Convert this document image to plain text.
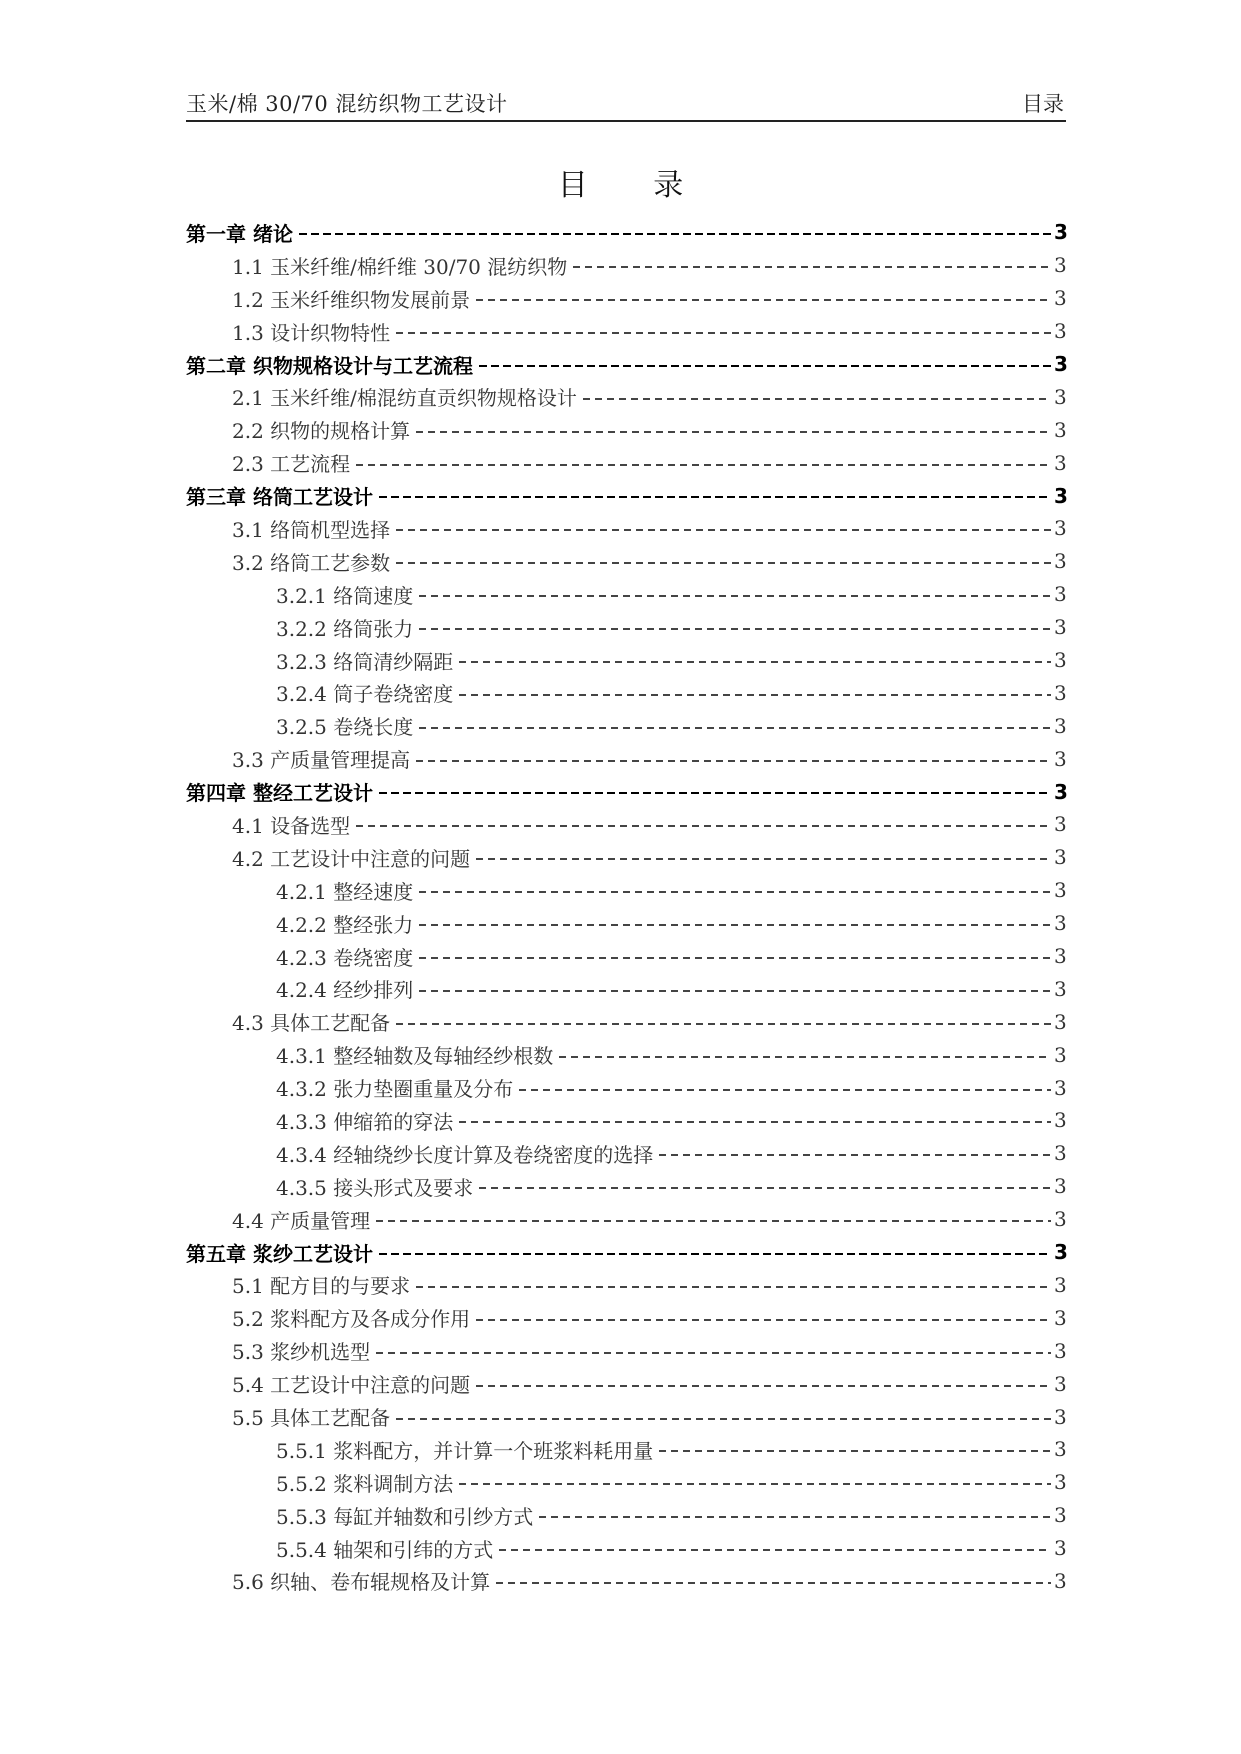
玉米/棉 30/70 混纺织物工艺设计	目录
目 录
第一章 绪论	3
1.1 玉米纤维/棉纤维 30/70 混纺织物	3
1.2 玉米纤维织物发展前景	3
1.3 设计织物特性	3
第二章 织物规格设计与工艺流程	3
2.1 玉米纤维/棉混纺直贡织物规格设计	3
2.2 织物的规格计算	3
2.3 工艺流程	3
第三章 络筒工艺设计	3
3.1 络筒机型选择	3
3.2 络筒工艺参数	3
3.2.1 络筒速度	3
3.2.2 络筒张力	3
3.2.3 络筒清纱隔距	3
3.2.4 筒子卷绕密度	3
3.2.5 卷绕长度	3
3.3 产质量管理提高	3
第四章 整经工艺设计	3
4.1 设备选型	3
4.2 工艺设计中注意的问题	3
4.2.1 整经速度	3
4.2.2 整经张力	3
4.2.3 卷绕密度	3
4.2.4 经纱排列	3
4.3 具体工艺配备	3
4.3.1 整经轴数及每轴经纱根数	3
4.3.2 张力垫圈重量及分布	3
4.3.3 伸缩筘的穿法	3
4.3.4 经轴绕纱长度计算及卷绕密度的选择	3
4.3.5 接头形式及要求	3
4.4 产质量管理	3
第五章 浆纱工艺设计	3
5.1 配方目的与要求	3
5.2 浆料配方及各成分作用	3
5.3 浆纱机选型	3
5.4 工艺设计中注意的问题	3
5.5 具体工艺配备	3
5.5.1 浆料配方，并计算一个班浆料耗用量	3
5.5.2 浆料调制方法	3
5.5.3 每缸并轴数和引纱方式	3
5.5.4 轴架和引纬的方式	3
5.6 织轴、卷布辊规格及计算	3
